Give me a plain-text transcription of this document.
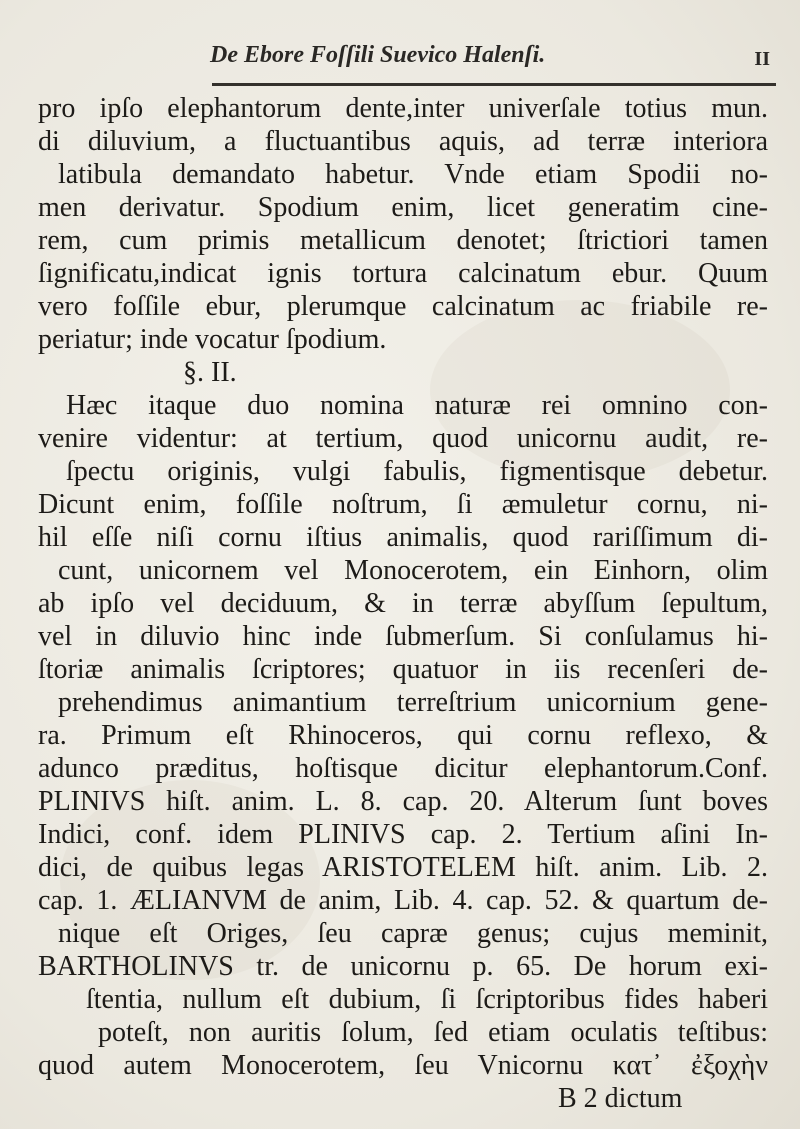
De Ebore Foſſili Suevico Halenſi.	II
pro ipſo elephantorum dente,inter univerſale totius mun.
di diluvium, a fluctuantibus aquis, ad terræ interiora
latibula demandato habetur. Vnde etiam Spodii no-
men derivatur. Spodium enim, licet generatim cine-
rem, cum primis metallicum denotet; ſtrictiori tamen
ſignificatu,indicat ignis tortura calcinatum ebur. Quum
vero foſſile ebur, plerumque calcinatum ac friabile re-
periatur; inde vocatur ſpodium.
§. II.
Hæc itaque duo nomina naturæ rei omnino con-
venire videntur: at tertium, quod unicornu audit, re-
ſpectu originis, vulgi fabulis, figmentisque debetur.
Dicunt enim, foſſile noſtrum, ſi æmuletur cornu, ni-
hil eſſe niſi cornu iſtius animalis, quod rariſſimum di-
cunt, unicornem vel Monocerotem, ein Einhorn, olim
ab ipſo vel deciduum, & in terræ abyſſum ſepultum,
vel in diluvio hinc inde ſubmerſum. Si conſulamus hi-
ſtoriæ animalis ſcriptores; quatuor in iis recenſeri de-
prehendimus animantium terreſtrium unicornium gene-
ra. Primum eſt Rhinoceros, qui cornu reflexo, &
adunco præditus, hoſtisque dicitur elephantorum.Conf.
PLINIVS hiſt. anim. L. 8. cap. 20. Alterum ſunt boves
Indici, conf. idem PLINIVS cap. 2. Tertium aſini In-
dici, de quibus legas ARISTOTELEM hiſt. anim. Lib. 2.
cap. 1. ÆLIANVM de anim, Lib. 4. cap. 52. & quartum de-
nique eſt Origes, ſeu capræ genus; cujus meminit,
BARTHOLINVS tr. de unicornu p. 65. De horum exi-
ſtentia, nullum eſt dubium, ſi ſcriptoribus fides haberi
poteſt, non auritis ſolum, ſed etiam oculatis teſtibus:
quod autem Monocerotem, ſeu Vnicornu κατ᾽ ἐξοχὴν
B 2 dictum
